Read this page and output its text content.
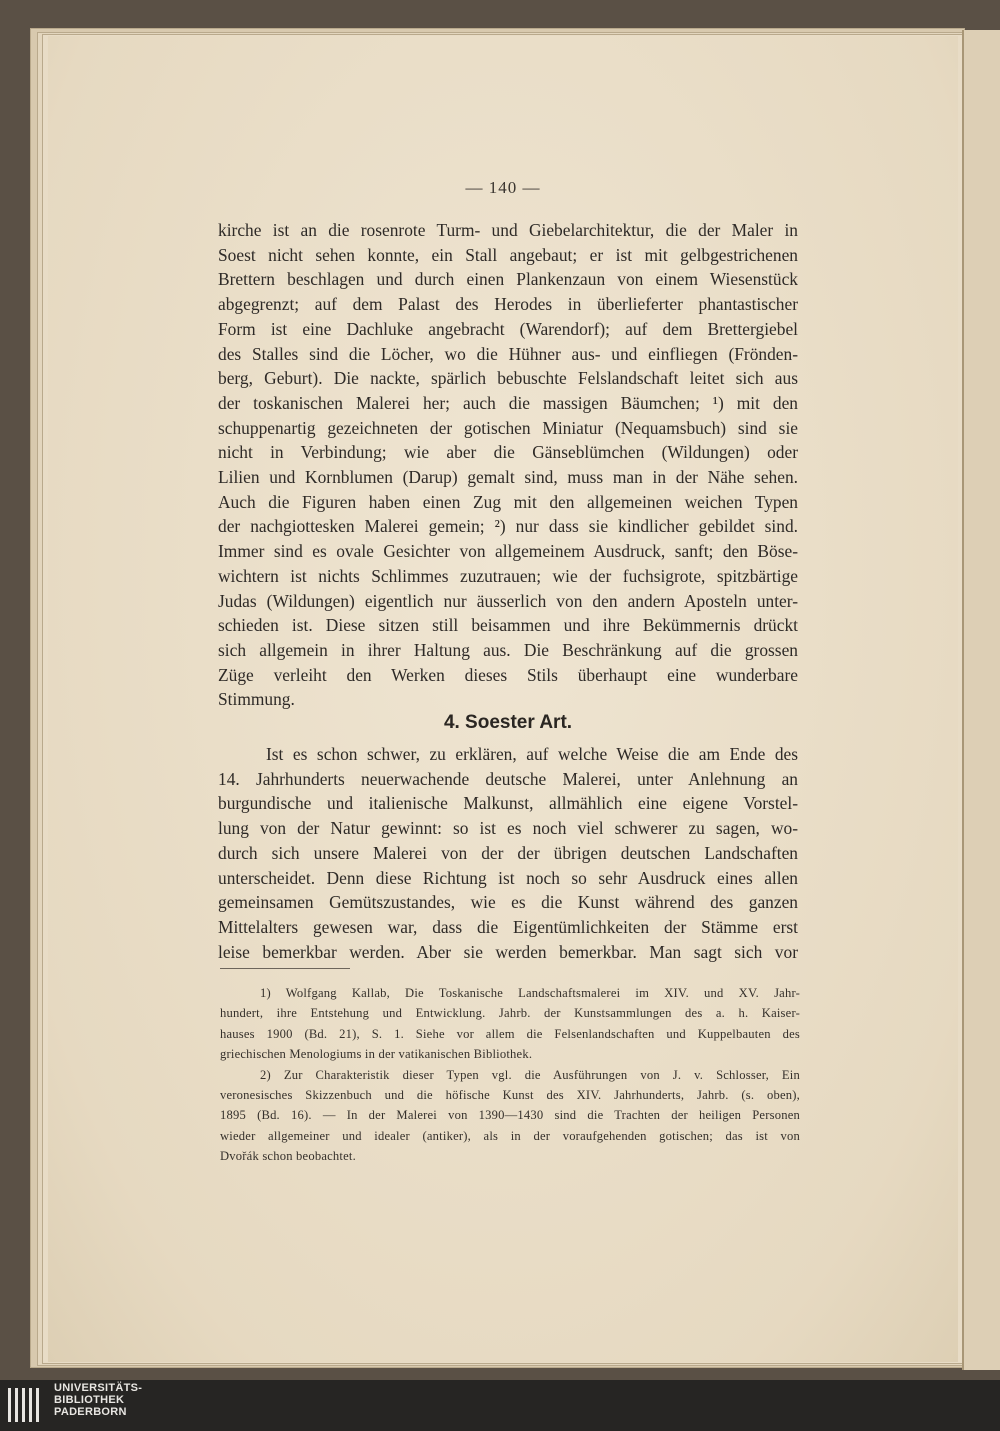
— 140 —
kirche ist an die rosenrote Turm- und Giebelarchitektur, die der Maler in
Soest nicht sehen konnte, ein Stall angebaut; er ist mit gelbgestrichenen
Brettern beschlagen und durch einen Plankenzaun von einem Wiesenstück
abgegrenzt; auf dem Palast des Herodes in überlieferter phantastischer
Form ist eine Dachluke angebracht (Warendorf); auf dem Brettergiebel
des Stalles sind die Löcher, wo die Hühner aus- und einfliegen (Frönden-
berg, Geburt). Die nackte, spärlich bebuschte Felslandschaft leitet sich aus
der toskanischen Malerei her; auch die massigen Bäumchen; ¹) mit den
schuppenartig gezeichneten der gotischen Miniatur (Nequamsbuch) sind sie
nicht in Verbindung; wie aber die Gänseblümchen (Wildungen) oder
Lilien und Kornblumen (Darup) gemalt sind, muss man in der Nähe sehen.
Auch die Figuren haben einen Zug mit den allgemeinen weichen Typen
der nachgiottesken Malerei gemein; ²) nur dass sie kindlicher gebildet sind.
Immer sind es ovale Gesichter von allgemeinem Ausdruck, sanft; den Böse-
wichtern ist nichts Schlimmes zuzutrauen; wie der fuchsigrote, spitzbärtige
Judas (Wildungen) eigentlich nur äusserlich von den andern Aposteln unter-
schieden ist. Diese sitzen still beisammen und ihre Bekümmernis drückt
sich allgemein in ihrer Haltung aus. Die Beschränkung auf die grossen
Züge verleiht den Werken dieses Stils überhaupt eine wunderbare
Stimmung.
4. Soester Art.
Ist es schon schwer, zu erklären, auf welche Weise die am Ende des
14. Jahrhunderts neuerwachende deutsche Malerei, unter Anlehnung an
burgundische und italienische Malkunst, allmählich eine eigene Vorstel-
lung von der Natur gewinnt: so ist es noch viel schwerer zu sagen, wo-
durch sich unsere Malerei von der der übrigen deutschen Landschaften
unterscheidet. Denn diese Richtung ist noch so sehr Ausdruck eines allen
gemeinsamen Gemütszustandes, wie es die Kunst während des ganzen
Mittelalters gewesen war, dass die Eigentümlichkeiten der Stämme erst
leise bemerkbar werden. Aber sie werden bemerkbar. Man sagt sich vor
1) Wolfgang Kallab, Die Toskanische Landschaftsmalerei im XIV. und XV. Jahr-
hundert, ihre Entstehung und Entwicklung. Jahrb. der Kunstsammlungen des a. h. Kaiser-
hauses 1900 (Bd. 21), S. 1. Siehe vor allem die Felsenlandschaften und Kuppelbauten des
griechischen Menologiums in der vatikanischen Bibliothek.
2) Zur Charakteristik dieser Typen vgl. die Ausführungen von J. v. Schlosser, Ein
veronesisches Skizzenbuch und die höfische Kunst des XIV. Jahrhunderts, Jahrb. (s. oben),
1895 (Bd. 16). — In der Malerei von 1390—1430 sind die Trachten der heiligen Personen
wieder allgemeiner und idealer (antiker), als in der voraufgehenden gotischen; das ist von
Dvořák schon beobachtet.
UNIVERSITÄTS-
BIBLIOTHEK
PADERBORN
